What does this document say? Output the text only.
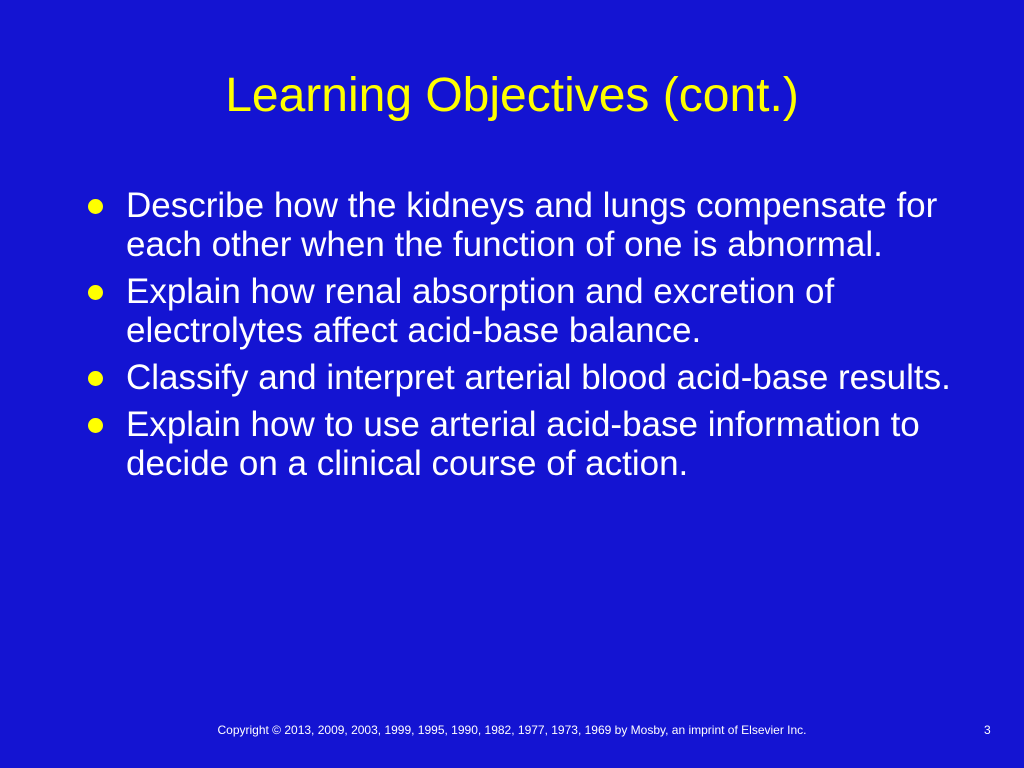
Learning Objectives (cont.)
Describe how the kidneys and lungs compensate for each other when the function of one is abnormal.
Explain how renal absorption and excretion of electrolytes affect acid-base balance.
Classify and interpret arterial blood acid-base results.
Explain how to use arterial acid-base information to decide on a clinical course of action.
Copyright © 2013, 2009, 2003, 1999, 1995, 1990, 1982, 1977, 1973, 1969 by Mosby, an imprint of Elsevier Inc.	3
